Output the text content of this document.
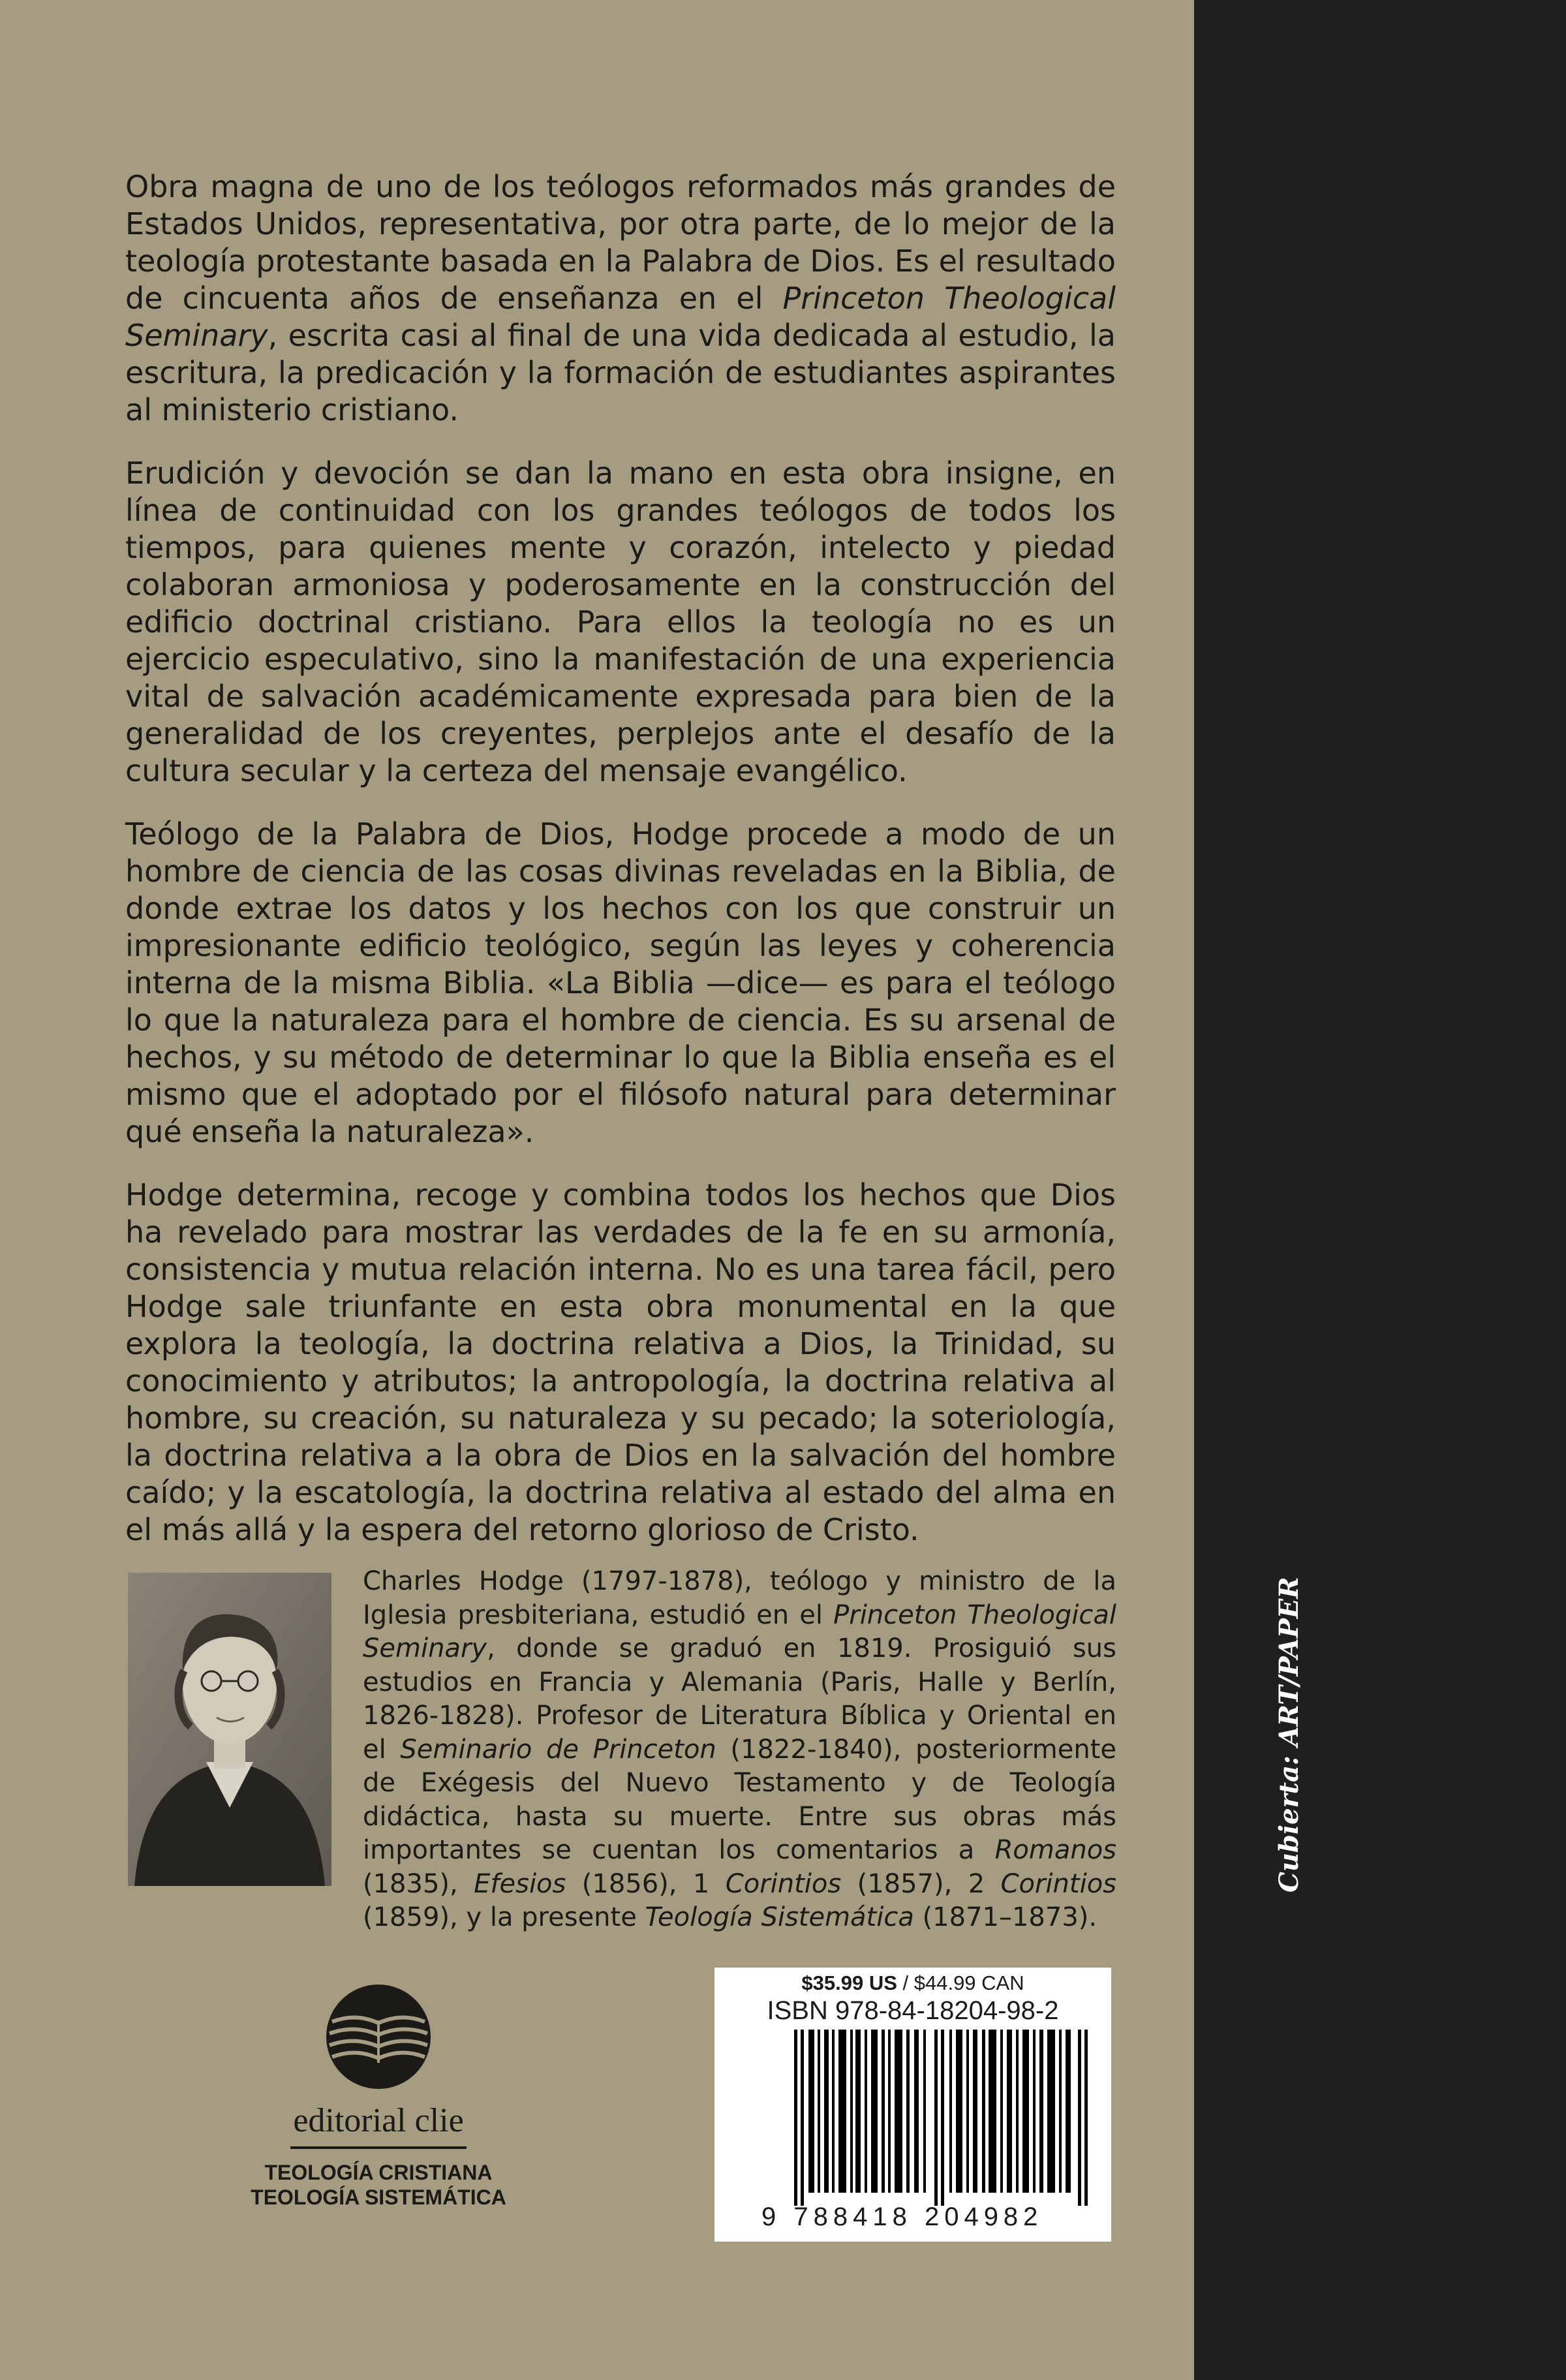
Obra magna de uno de los teólogos reformados más grandes de Estados Unidos, representativa, por otra parte, de lo mejor de la teología protestante basada en la Palabra de Dios. Es el resultado de cincuenta años de enseñanza en el Princeton Theological Seminary, escrita casi al final de una vida dedicada al estudio, la escritura, la predicación y la formación de estudiantes aspirantes al ministerio cristiano.

Erudición y devoción se dan la mano en esta obra insigne, en línea de continuidad con los grandes teólogos de todos los tiempos, para quienes mente y corazón, intelecto y piedad colaboran armoniosa y poderosamente en la construcción del edificio doctrinal cristiano. Para ellos la teología no es un ejercicio especulativo, sino la manifestación de una experiencia vital de salvación académicamente expresada para bien de la generalidad de los creyentes, perplejos ante el desafío de la cultura secular y la certeza del mensaje evangélico.

Teólogo de la Palabra de Dios, Hodge procede a modo de un hombre de ciencia de las cosas divinas reveladas en la Biblia, de donde extrae los datos y los hechos con los que construir un impresionante edificio teológico, según las leyes y coherencia interna de la misma Biblia. «La Biblia —dice— es para el teólogo lo que la naturaleza para el hombre de ciencia. Es su arsenal de hechos, y su método de determinar lo que la Biblia enseña es el mismo que el adoptado por el filósofo natural para determinar qué enseña la naturaleza».

Hodge determina, recoge y combina todos los hechos que Dios ha revelado para mostrar las verdades de la fe en su armonía, consistencia y mutua relación interna. No es una tarea fácil, pero Hodge sale triunfante en esta obra monumental en la que explora la teología, la doctrina relativa a Dios, la Trinidad, su conocimiento y atributos; la antropología, la doctrina relativa al hombre, su creación, su naturaleza y su pecado; la soteriología, la doctrina relativa a la obra de Dios en la salvación del hombre caído; y la escatología, la doctrina relativa al estado del alma en el más allá y la espera del retorno glorioso de Cristo.

Charles Hodge (1797-1878), teólogo y ministro de la Iglesia presbiteriana, estudió en el Princeton Theological Seminary, donde se graduó en 1819. Prosiguió sus estudios en Francia y Alemania (Paris, Halle y Berlín, 1826-1828). Profesor de Literatura Bíblica y Oriental en el Seminario de Princeton (1822-1840), posteriormente de Exégesis del Nuevo Testamento y de Teología didáctica, hasta su muerte. Entre sus obras más importantes se cuentan los comentarios a Romanos (1835), Efesios (1856), 1 Corintios (1857), 2 Corintios (1859), y la presente Teología Sistemática (1871–1873).

editorial clie
TEOLOGÍA CRISTIANA
TEOLOGÍA SISTEMÁTICA
$35.99 US / $44.99 CAN
ISBN 978-84-18204-98-2
9 788418 204982
Cubierta: ART/PAPER
